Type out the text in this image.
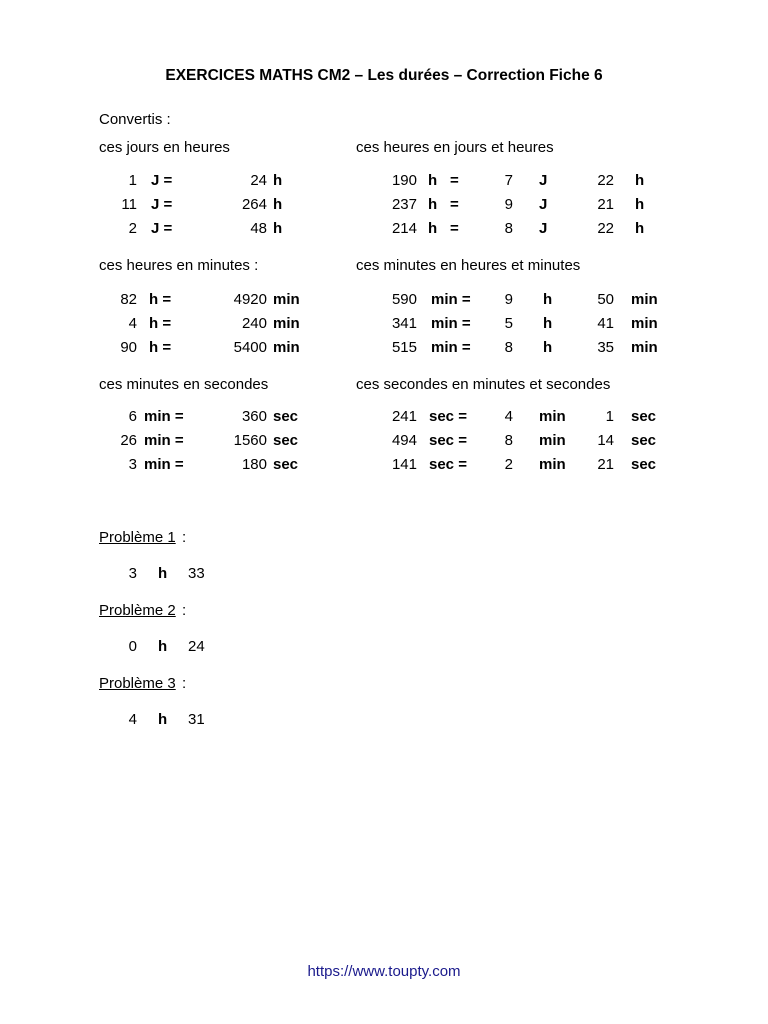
EXERCICES MATHS CM2 – Les durées – Correction Fiche 6
Convertis :
ces jours en heures	ces heures en jours et heures
ces heures en minutes :	ces minutes en heures et minutes
ces minutes en secondes	ces secondes en minutes et secondes
1 J =	24 h
11 J =	264 h
2 J =	48 h
190 h =	7 J	22 h
237 h =	9 J	21 h
214 h =	8 J	22 h
82 h =	4920 min
4 h =	240 min
90 h =	5400 min
590 min = 9 h	50 min
341 min = 5 h	41 min
515 min = 8 h	35 min
6 min =	360 sec
26 min =	1560 sec
3 min =	180 sec
241 sec =	4 min	1 sec
494 sec =	8 min 14 sec
141 sec =	2 min 21 sec
Problème 1 :
3 h 33
Problème 2 :
0 h 24
Problème 3 :
4 h 31
https://www.toupty.com
